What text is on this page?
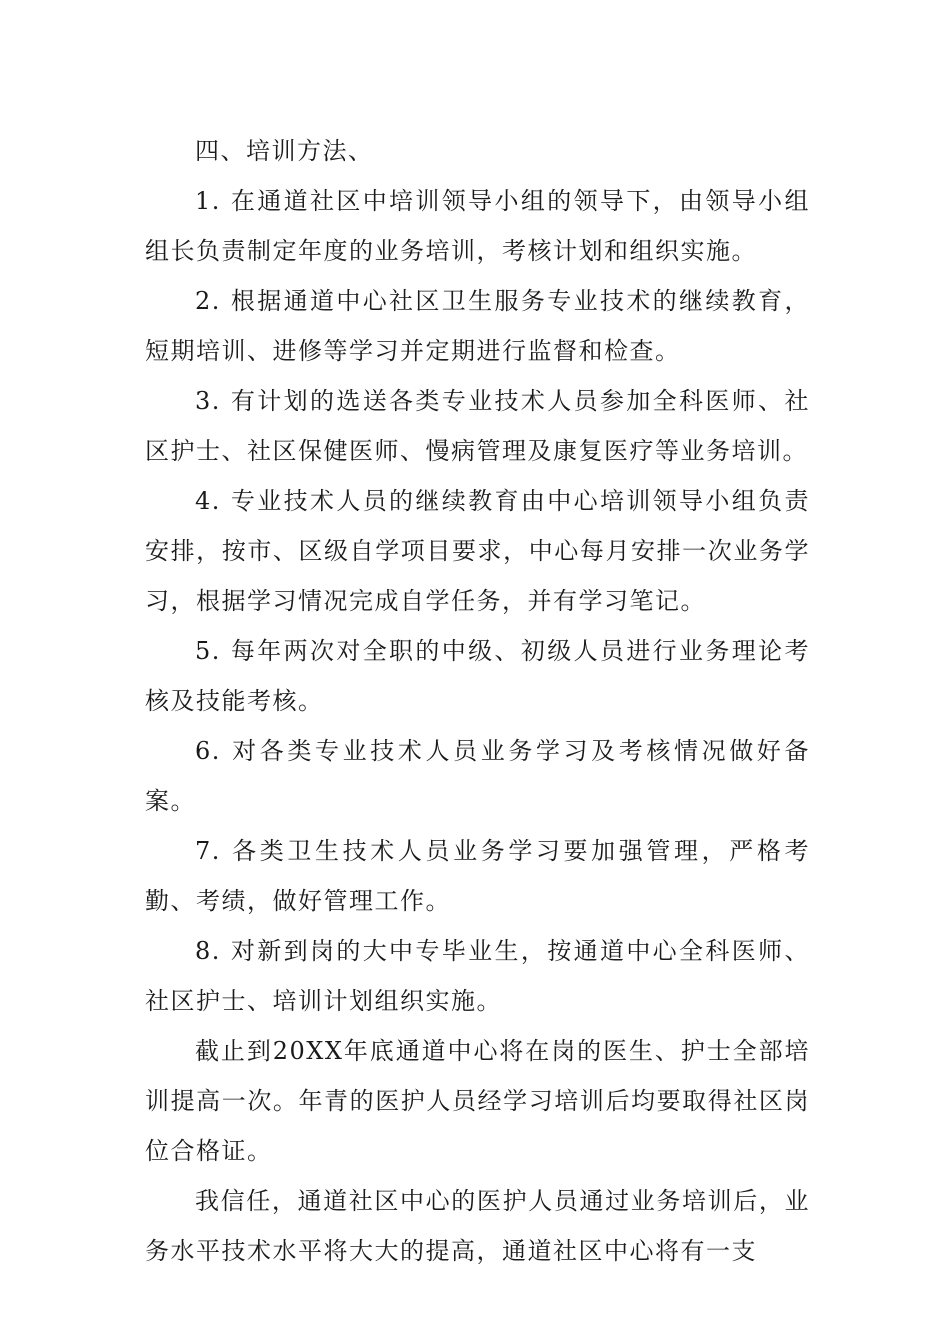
四、培训方法、

1. 在通道社区中培训领导小组的领导下，由领导小组组长负责制定年度的业务培训，考核计划和组织实施。

2. 根据通道中心社区卫生服务专业技术的继续教育，短期培训、进修等学习并定期进行监督和检查。

3. 有计划的选送各类专业技术人员参加全科医师、社区护士、社区保健医师、慢病管理及康复医疗等业务培训。

4. 专业技术人员的继续教育由中心培训领导小组负责安排，按市、区级自学项目要求，中心每月安排一次业务学习，根据学习情况完成自学任务，并有学习笔记。

5. 每年两次对全职的中级、初级人员进行业务理论考核及技能考核。

6. 对各类专业技术人员业务学习及考核情况做好备案。

7. 各类卫生技术人员业务学习要加强管理，严格考勤、考绩，做好管理工作。

8. 对新到岗的大中专毕业生，按通道中心全科医师、社区护士、培训计划组织实施。

截止到20XX年底通道中心将在岗的医生、护士全部培训提高一次。年青的医护人员经学习培训后均要取得社区岗位合格证。

我信任，通道社区中心的医护人员通过业务培训后，业务水平技术水平将大大的提高，通道社区中心将有一支
